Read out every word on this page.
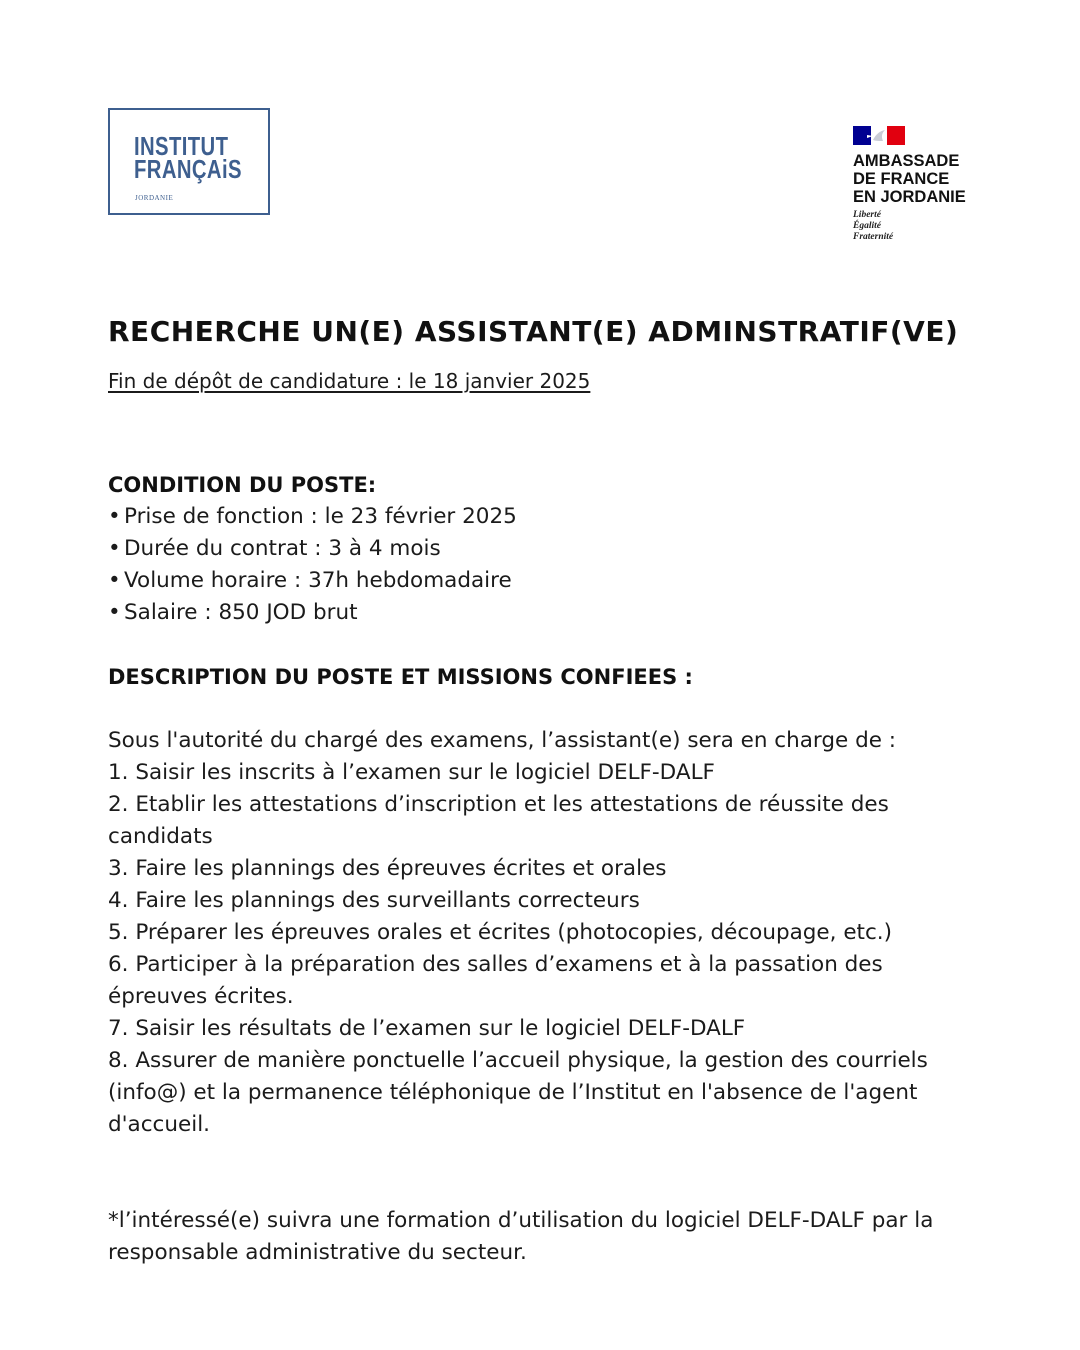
INSTITUT
FRANÇAiS
JORDANIE
AMBASSADE
DE FRANCE
EN JORDANIE
Liberté
Égalité
Fraternité
RECHERCHE UN(E) ASSISTANT(E) ADMINSTRATIF(VE)

Fin de dépôt de candidature : le 18 janvier 2025

CONDITION DU POSTE:
• Prise de fonction : le 23 février 2025
• Durée du contrat : 3 à 4 mois
• Volume horaire : 37h hebdomadaire
• Salaire : 850 JOD brut
DESCRIPTION DU POSTE ET MISSIONS CONFIEES :

Sous l'autorité du chargé des examens, l’assistant(e) sera en charge de :

1. Saisir les inscrits à l’examen sur le logiciel DELF-DALF
2. Etablir les attestations d’inscription et les attestations de réussite des candidats
3. Faire les plannings des épreuves écrites et orales
4. Faire les plannings des surveillants correcteurs
5. Préparer les épreuves orales et écrites (photocopies, découpage, etc.)
6. Participer à la préparation des salles d’examens et à la passation des épreuves écrites.
7. Saisir les résultats de l’examen sur le logiciel DELF-DALF
8. Assurer de manière ponctuelle l’accueil physique, la gestion des courriels (info@) et la permanence téléphonique de l’Institut en l'absence de l'agent d'accueil.

*l’intéressé(e) suivra une formation d’utilisation du logiciel DELF-DALF par la responsable administrative du secteur.
